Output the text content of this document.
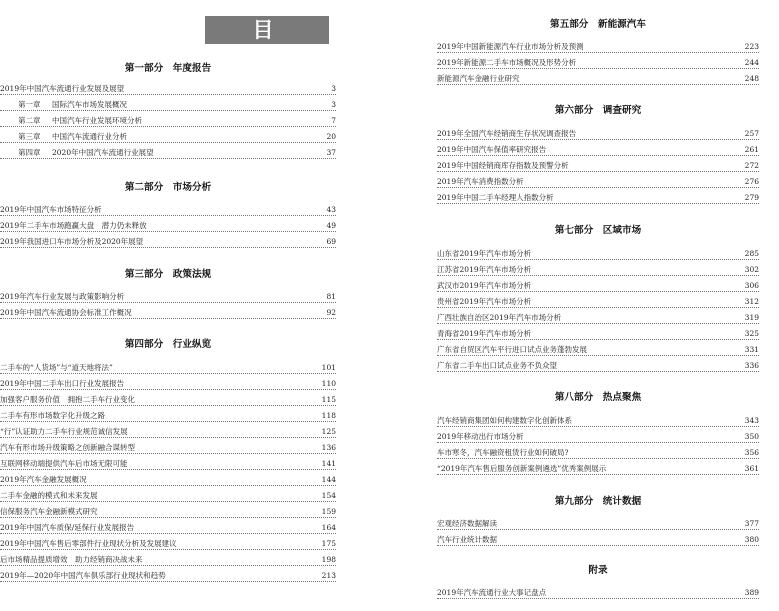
目 录
第一部分　年度报告
2019年中国汽车流通行业发展及展望	3
第一章 国际汽车市场发展概况	3
第二章 中国汽车行业发展环境分析	7
第三章 中国汽车流通行业分析	20
第四章 2020年中国汽车流通行业展望	37
第二部分　市场分析
2019年中国汽车市场特征分析	43
2019年二手车市场跑赢大盘　潜力仍未释放	49
2019年我国进口车市场分析及2020年展望	69
第三部分　政策法规
2019年汽车行业发展与政策影响分析	81
2019年中国汽车流通协会标准工作概况	92
第四部分　行业纵览
二手车的“人货场”与“道天地将法”	101
2019年中国二手车出口行业发展报告	110
加强客户服务价值　拥抱二手车行业变化	115
二手车有形市场数字化升级之路	118
“行”认证助力二手车行业规范诚信发展	125
汽车有形市场升级策略之创新融合谋转型	136
互联网移动端提供汽车后市场无限可能	141
2019年汽车金融发展概况	144
二手车金融的模式和未来发展	154
信保服务汽车金融新模式研究	159
2019年中国汽车质保/延保行业发展报告	164
2019年中国汽车售后零部件行业现状分析及发展建议	175
后市场精品提质增效　助力经销商决战未来	198
2019年—2020年中国汽车俱乐部行业现状和趋势	213
第五部分　新能源汽车
2019年中国新能源汽车行业市场分析及预测	223
2019年新能源二手车市场概况及形势分析	244
新能源汽车金融行业研究	248
第六部分　调查研究
2019年全国汽车经销商生存状况调查报告	257
2019年中国汽车保值率研究报告	261
2019年中国经销商库存指数及预警分析	272
2019年汽车消费指数分析	276
2019年中国二手车经理人指数分析	279
第七部分　区域市场
山东省2019年汽车市场分析	285
江苏省2019年汽车市场分析	302
武汉市2019年汽车市场分析	306
贵州省2019年汽车市场分析	312
广西壮族自治区2019年汽车市场分析	319
青海省2019年汽车市场分析	325
广东省自贸区汽车平行进口试点业务蓬勃发展	331
广东省二手车出口试点业务不负众望	336
第八部分　热点聚焦
汽车经销商集团如何构建数字化创新体系	343
2019年移动出行市场分析	350
车市寒冬，汽车融资租赁行业如何破局?	356
“2019年汽车售后服务创新案例遴选”优秀案例展示	361
第九部分　统计数据
宏观经济数据解读	377
汽车行业统计数据	380
附录
2019年汽车流通行业大事记盘点	389
